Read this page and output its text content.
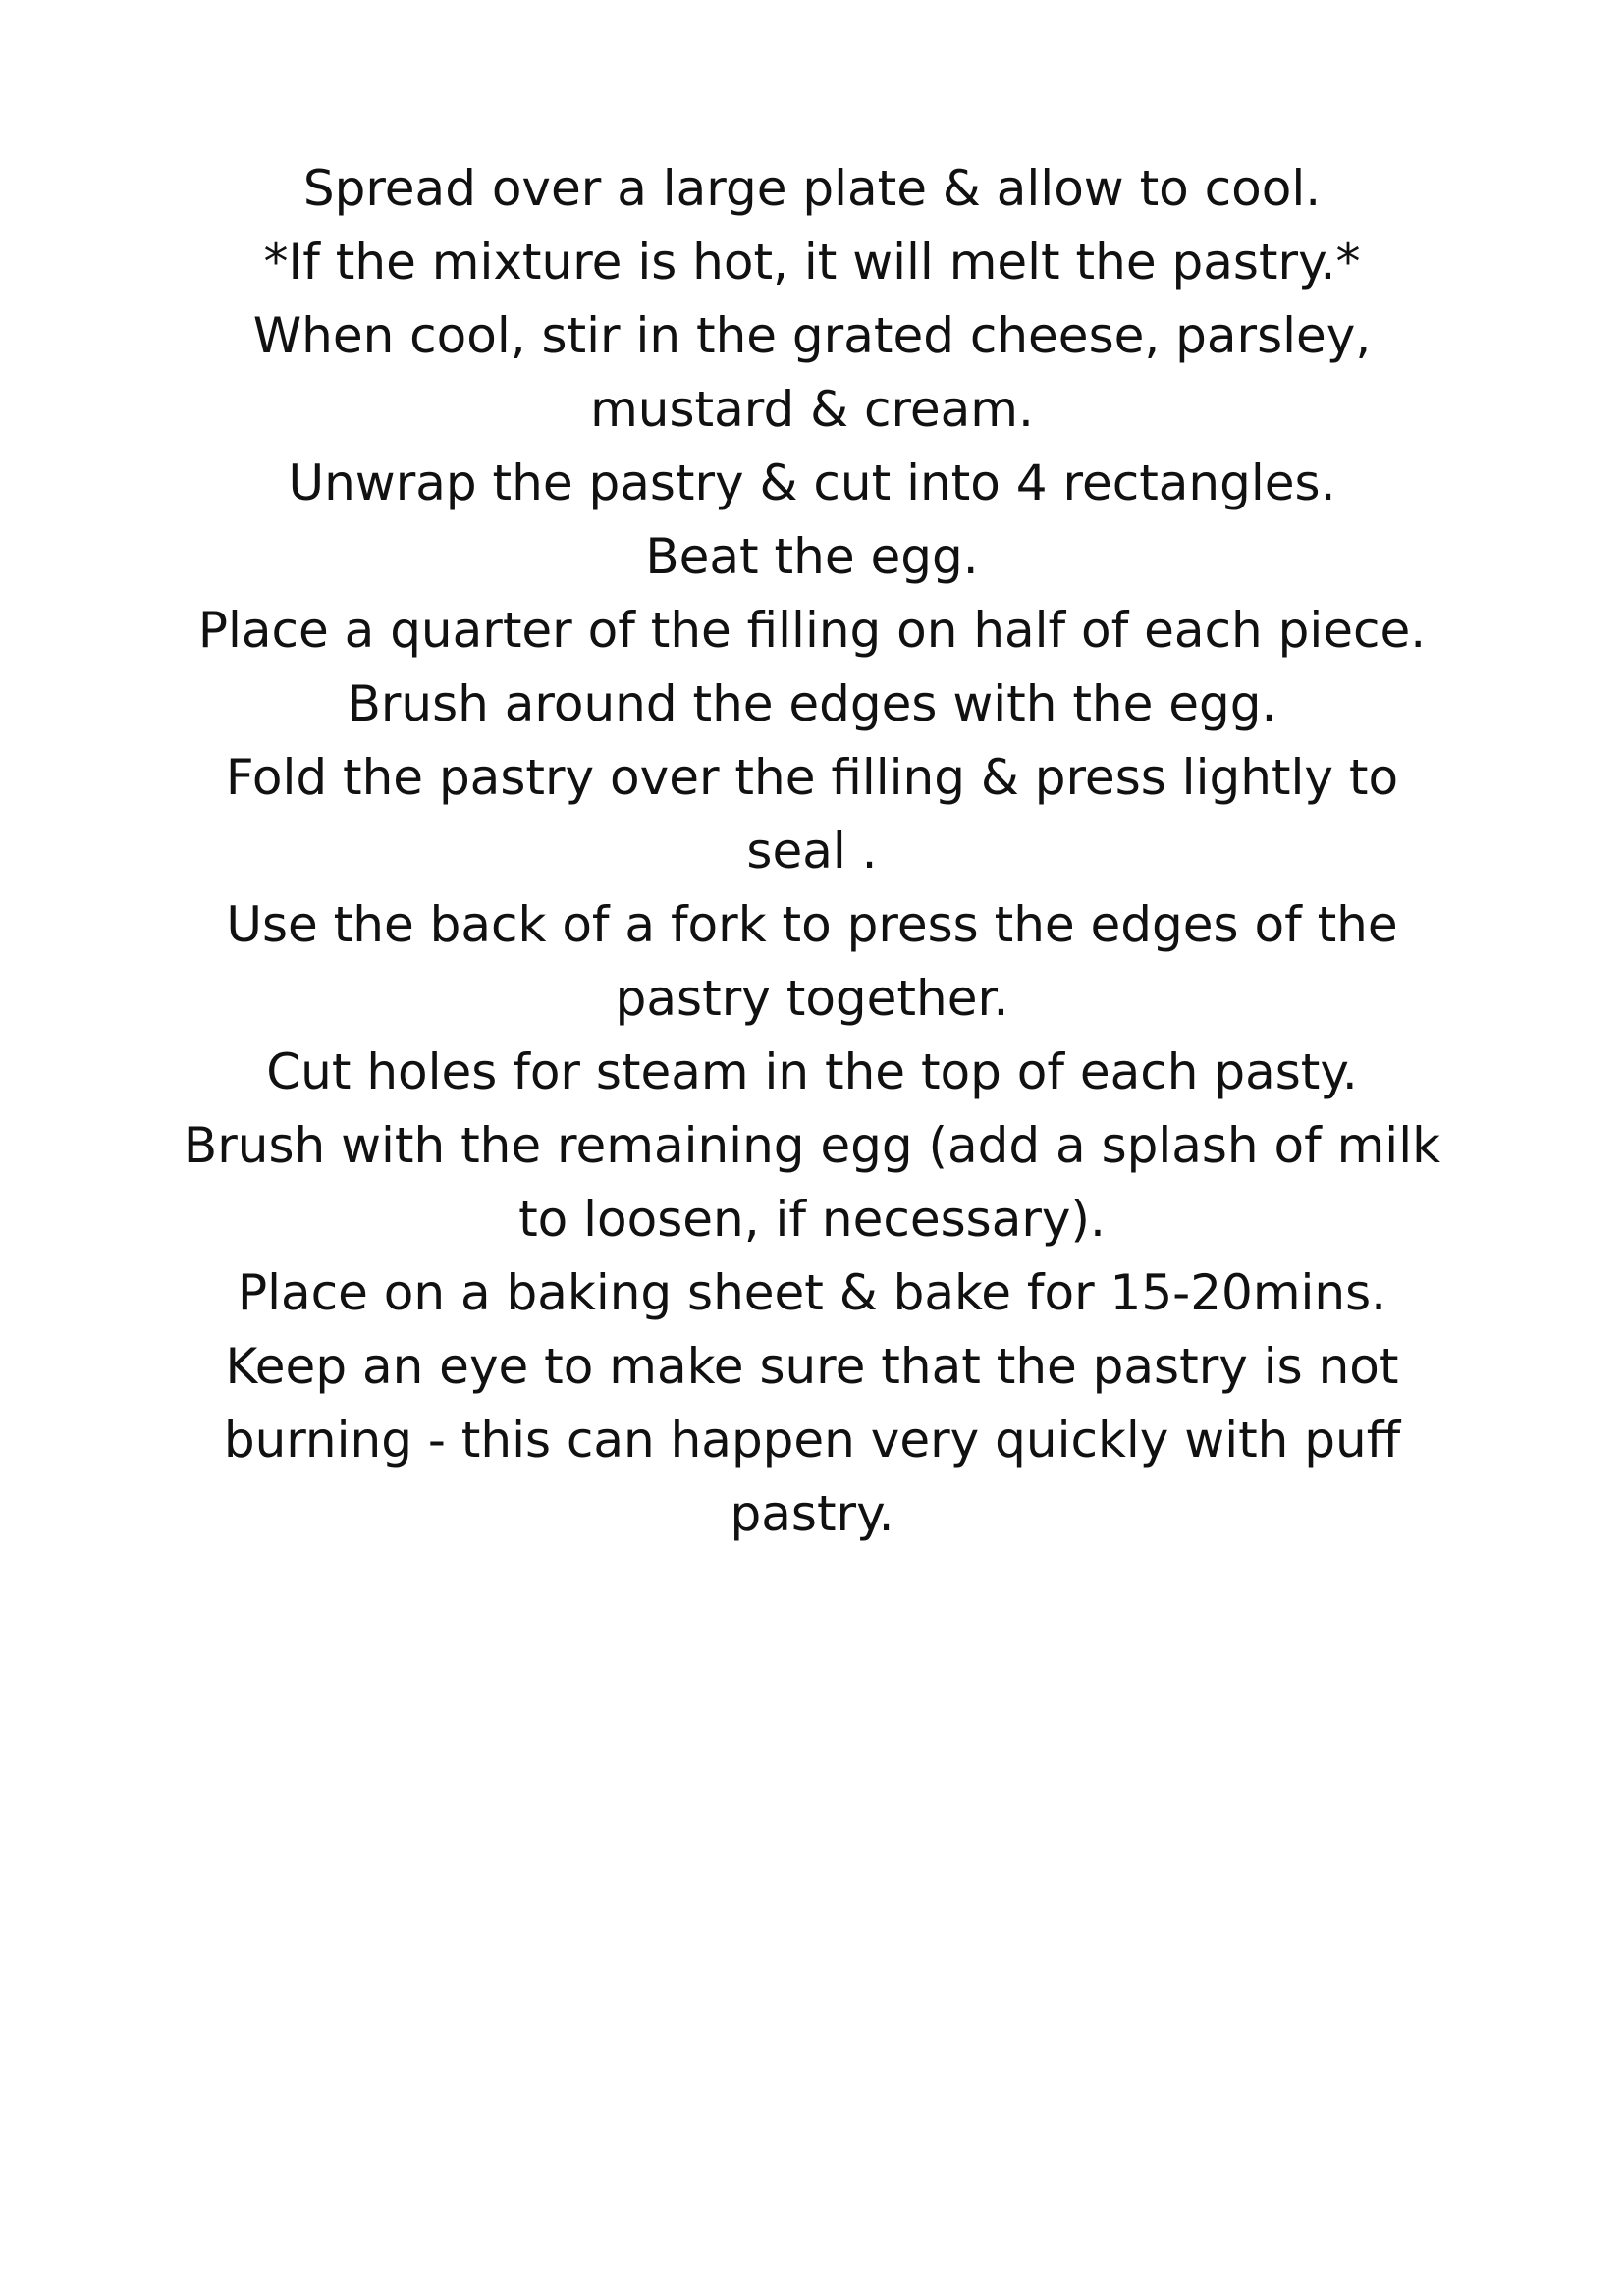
Spread over a large plate & allow to cool.

*If the mixture is hot, it will melt the pastry.*

When cool, stir in the grated cheese, parsley,

mustard & cream.

Unwrap the pastry & cut into 4 rectangles.

Beat the egg.

Place a quarter of the filling on half of each piece.

Brush around the edges with the egg.

Fold the pastry over the filling & press lightly to

seal .

Use the back of a fork to press the edges of the

pastry together.

Cut holes for steam in the top of each pasty.

Brush with the remaining egg (add a splash of milk

to loosen, if necessary).

Place on a baking sheet & bake for 15-20mins.

Keep an eye to make sure that the pastry is not

burning - this can happen very quickly with puff

pastry.
